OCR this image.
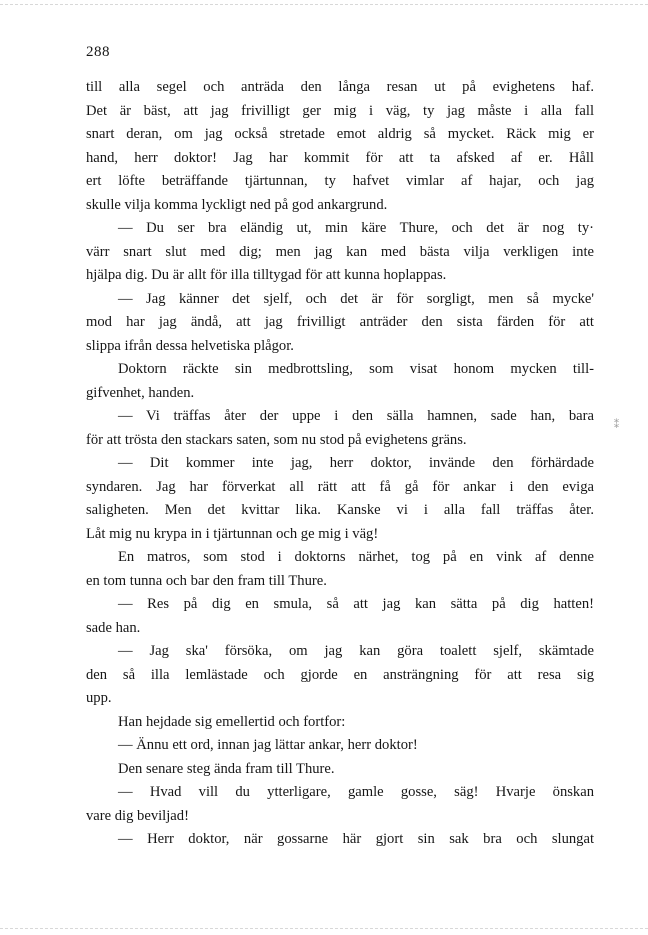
288
till alla segel och anträda den långa resan ut på evighetens haf.
Det är bäst, att jag frivilligt ger mig i väg, ty jag måste i alla fall
snart deran, om jag också stretade emot aldrig så mycket. Räck mig er
hand, herr doktor! Jag har kommit för att ta afsked af er. Håll
ert löfte beträffande tjärtunnan, ty hafvet vimlar af hajar, och jag
skulle vilja komma lyckligt ned på god ankargrund.
— Du ser bra eländig ut, min käre Thure, och det är nog ty·
värr snart slut med dig; men jag kan med bästa vilja verkligen inte
hjälpa dig. Du är allt för illa tilltygad för att kunna hoplappas.
— Jag känner det sjelf, och det är för sorgligt, men så mycke'
mod har jag ändå, att jag frivilligt anträder den sista färden för att
slippa ifrån dessa helvetiska plågor.
Doktorn räckte sin medbrottsling, som visat honom mycken till-
gifvenhet, handen.
— Vi träffas åter der uppe i den sälla hamnen, sade han, bara
för att trösta den stackars saten, som nu stod på evighetens gräns.
— Dit kommer inte jag, herr doktor, invände den förhärdade
syndaren. Jag har förverkat all rätt att få gå för ankar i den eviga
saligheten. Men det kvittar lika. Kanske vi i alla fall träffas åter.
Låt mig nu krypa in i tjärtunnan och ge mig i väg!
En matros, som stod i doktorns närhet, tog på en vink af denne
en tom tunna och bar den fram till Thure.
— Res på dig en smula, så att jag kan sätta på dig hatten!
sade han.
— Jag ska' försöka, om jag kan göra toalett sjelf, skämtade
den så illa lemlästade och gjorde en ansträngning för att resa sig
upp.
Han hejdade sig emellertid och fortfor:
— Ännu ett ord, innan jag lättar ankar, herr doktor!
Den senare steg ända fram till Thure.
— Hvad vill du ytterligare, gamle gosse, säg! Hvarje önskan
vare dig beviljad!
— Herr doktor, när gossarne här gjort sin sak bra och slungat
⁑
